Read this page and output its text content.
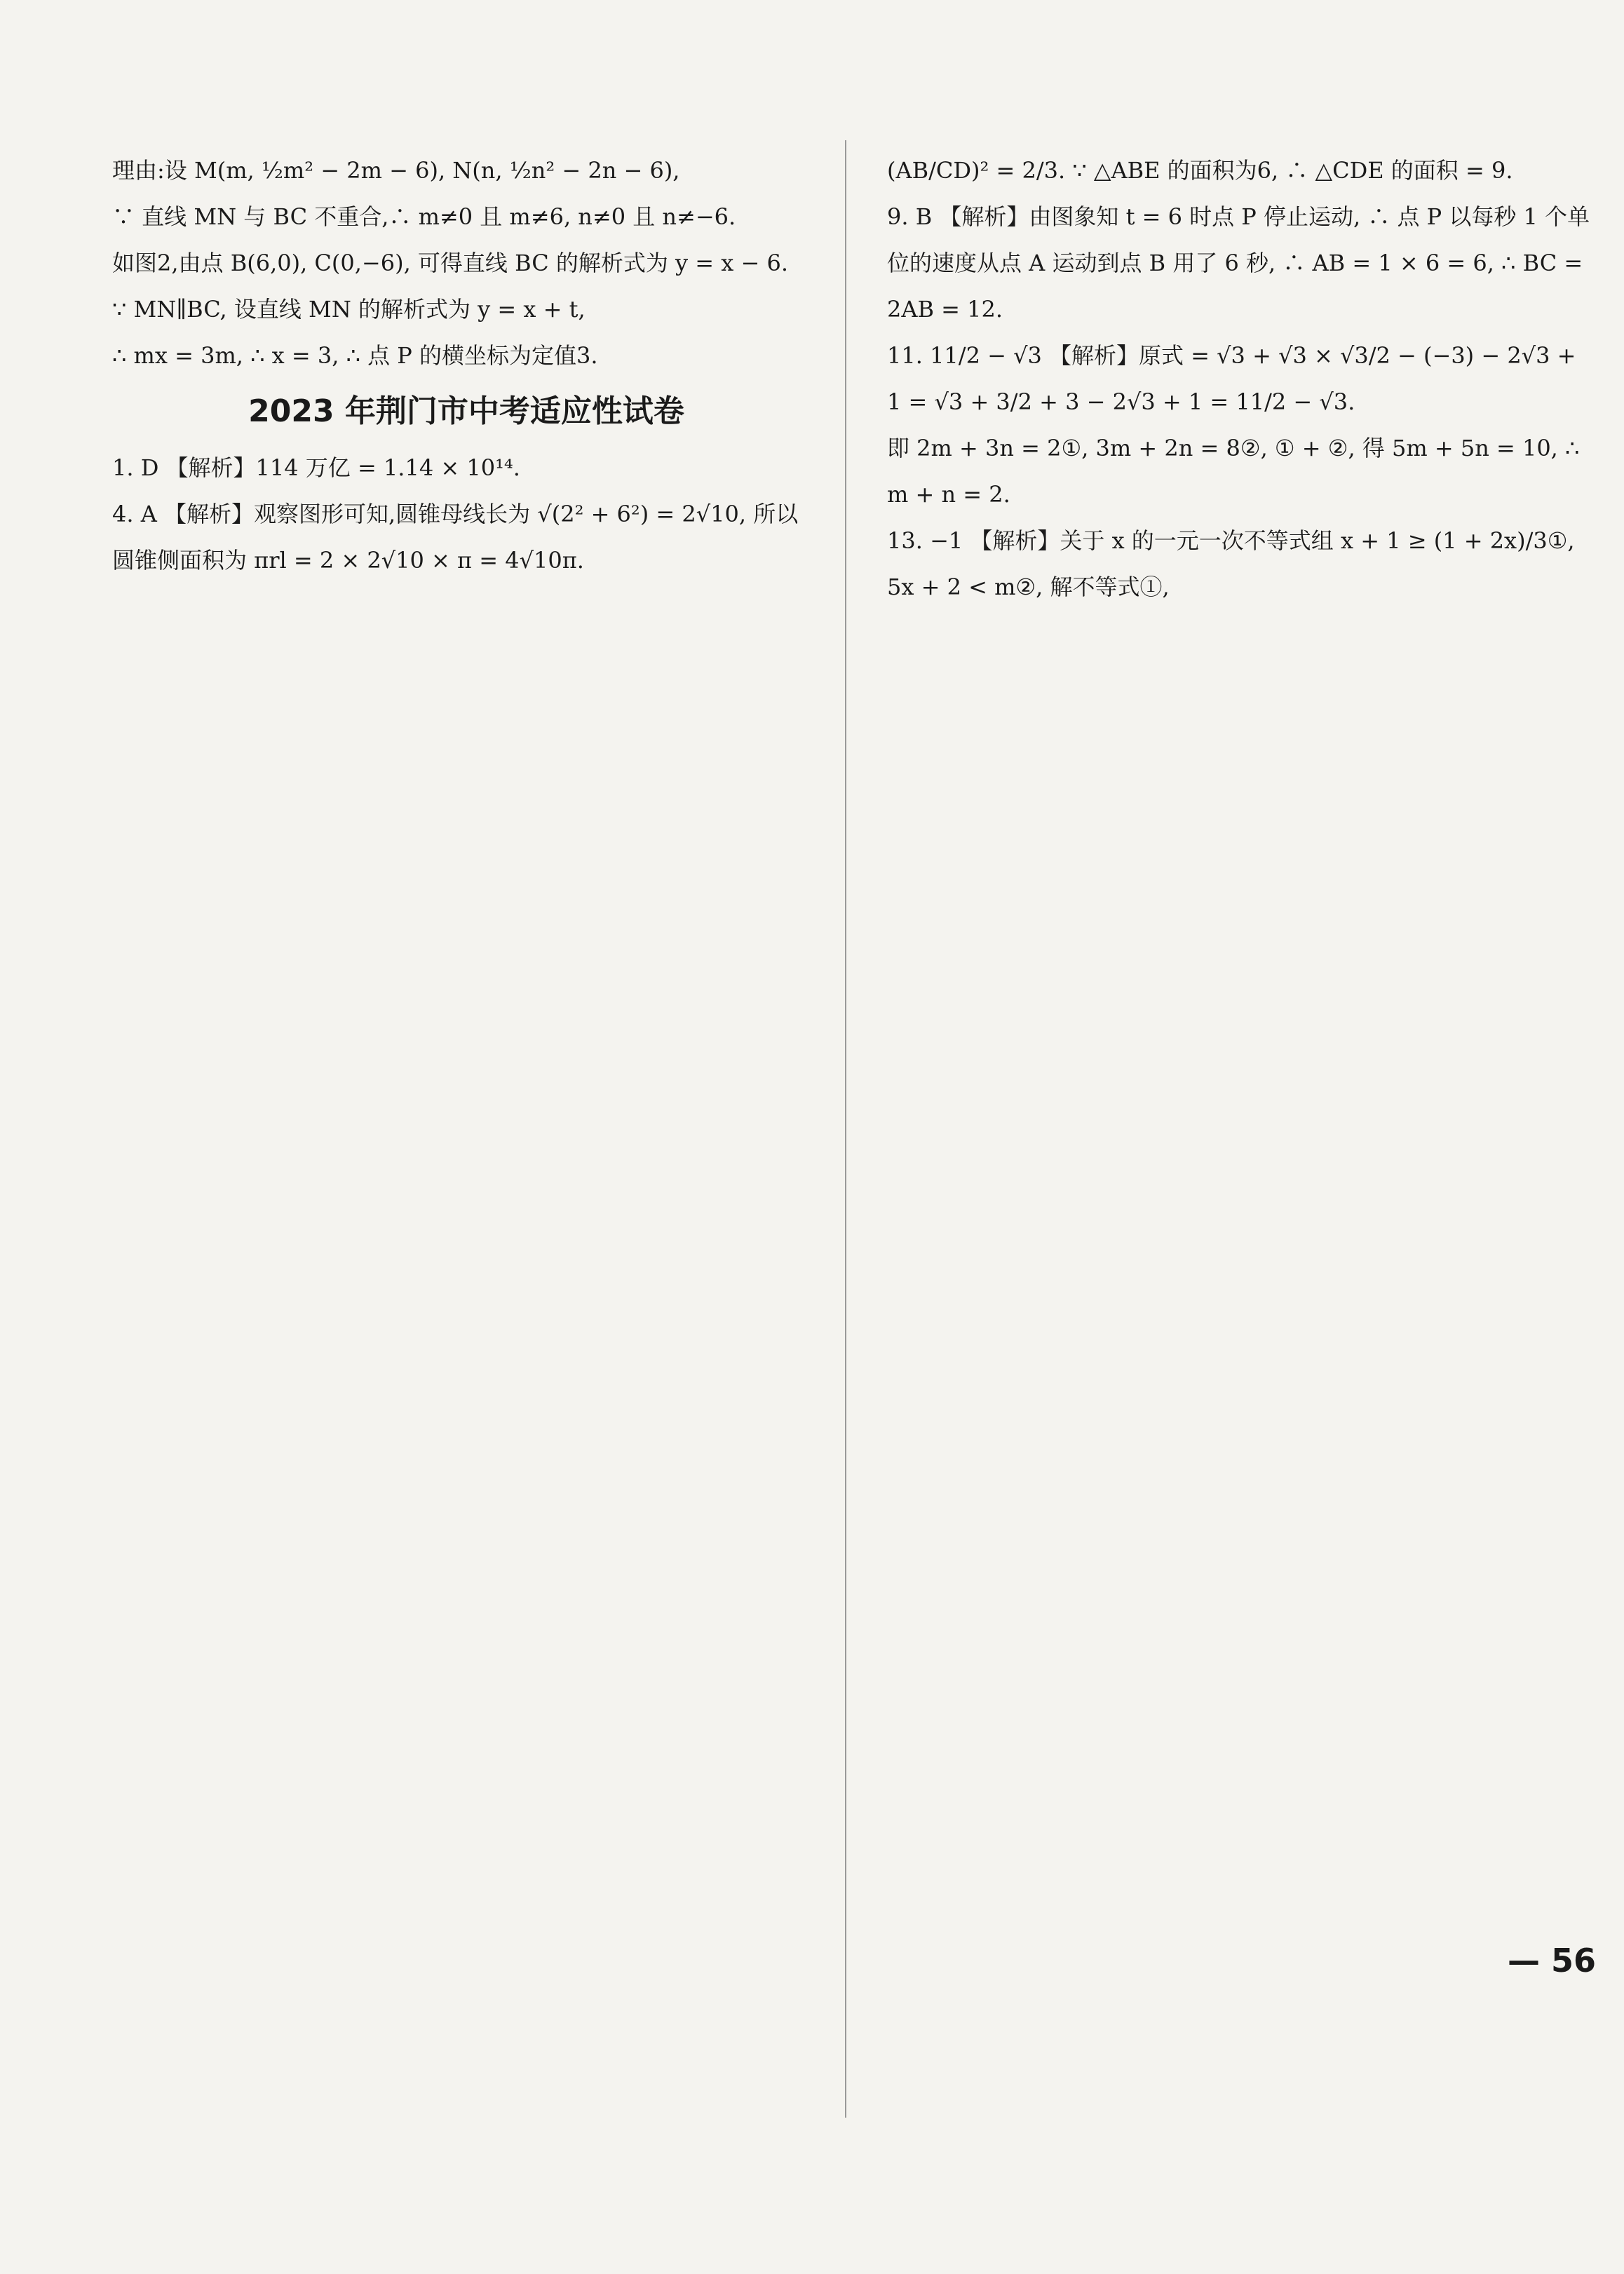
理由:设 M(m, ½m² − 2m − 6), N(n, ½n² − 2n − 6),
∵ 直线 MN 与 BC 不重合,∴ m≠0 且 m≠6, n≠0 且 n≠−6.
如图2,由点 B(6,0), C(0,−6), 可得直线 BC 的解析式为 y = x − 6.
∵ MN∥BC, 设直线 MN 的解析式为 y = x + t,
∴ mx = 3m, ∴ x = 3, ∴ 点 P 的横坐标为定值3.
2023 年荆门市中考适应性试卷
1. D 【解析】114 万亿 = 1.14 × 10¹⁴.
4. A 【解析】观察图形可知,圆锥母线长为 √(2² + 6²) = 2√10, 所以圆锥侧面积为 πrl = 2 × 2√10 × π = 4√10π.
(AB/CD)² = 2/3. ∵ △ABE 的面积为6, ∴ △CDE 的面积 = 9.
9. B 【解析】由图象知 t = 6 时点 P 停止运动, ∴ 点 P 以每秒 1 个单位的速度从点 A 运动到点 B 用了 6 秒, ∴ AB = 1 × 6 = 6, ∴ BC = 2AB = 12.
11. 11/2 − √3 【解析】原式 = √3 + √3 × √3/2 − (−3) − 2√3 + 1 = √3 + 3/2 + 3 − 2√3 + 1 = 11/2 − √3.
即 2m + 3n = 2①, 3m + 2n = 8②, ① + ②, 得 5m + 5n = 10, ∴ m + n = 2.
13. −1 【解析】关于 x 的一元一次不等式组 x + 1 ≥ (1 + 2x)/3①, 5x + 2 < m②, 解不等式①,
— 56
